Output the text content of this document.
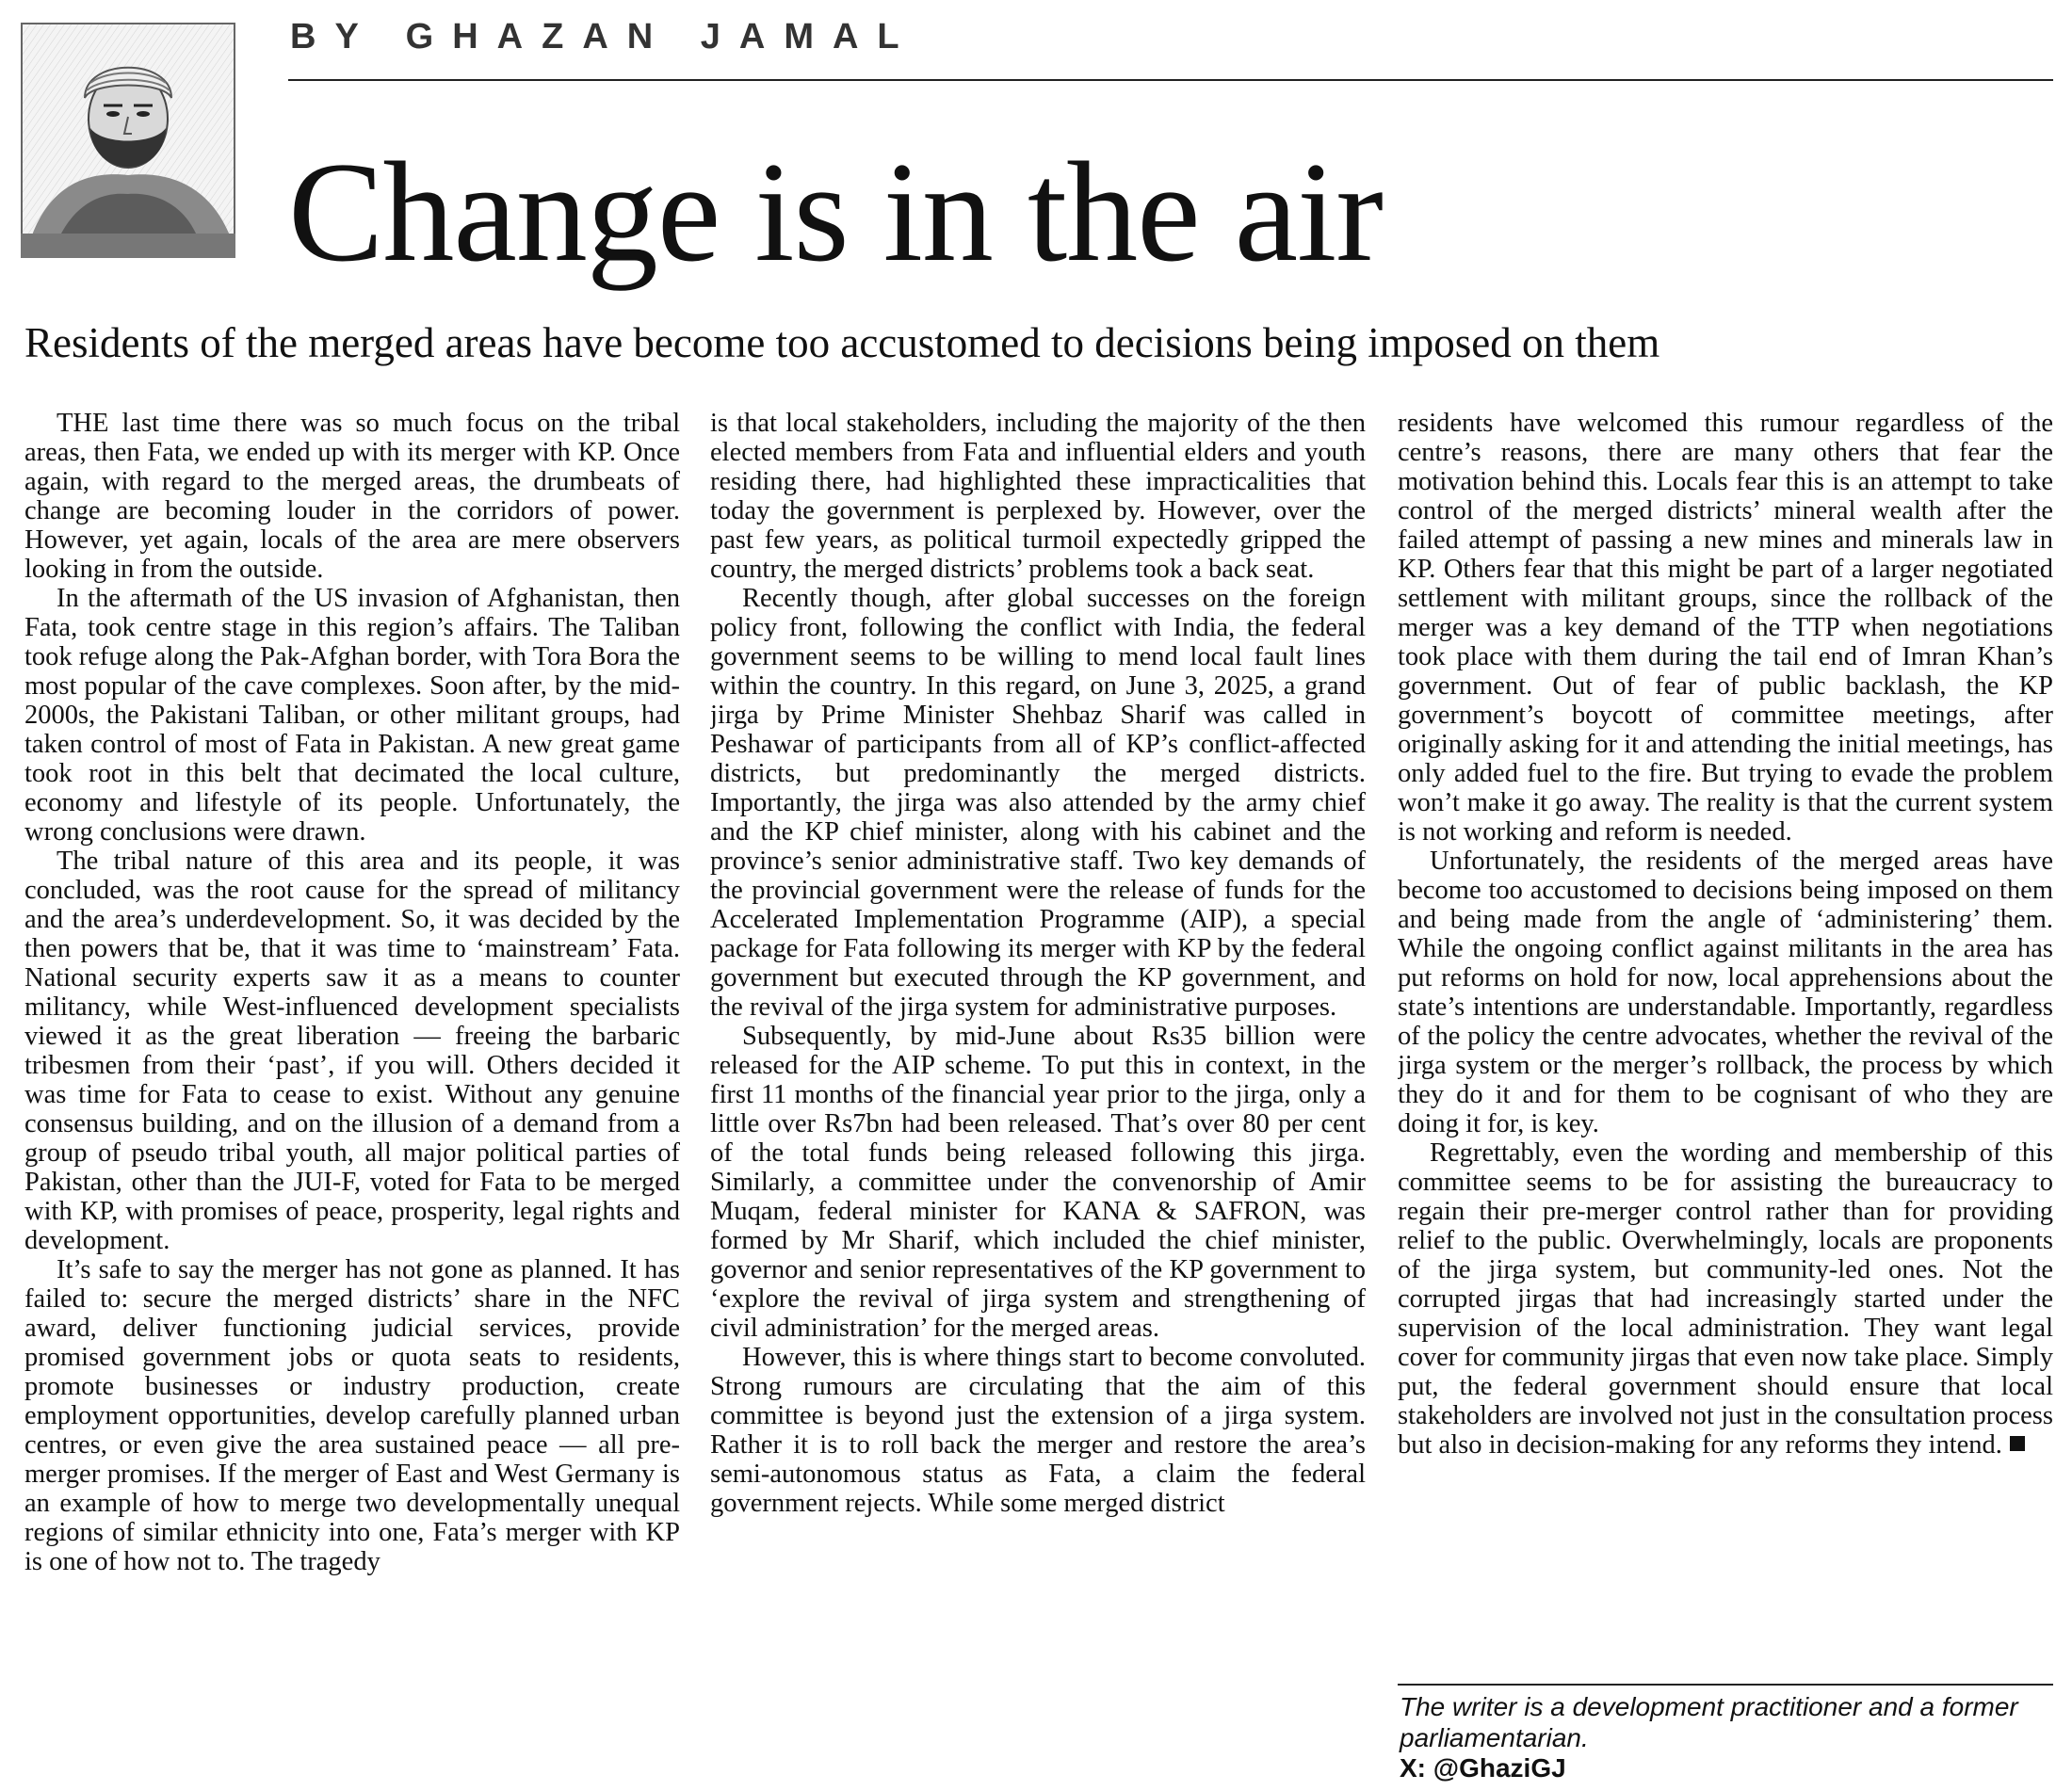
BY GHAZAN JAMAL
Change is in the air
Residents of the merged areas have become too accustomed to decisions being imposed on them

THE last time there was so much focus on the tribal areas, then Fata, we ended up with its merger with KP. Once again, with regard to the merged areas, the drumbeats of change are becoming louder in the corridors of power. However, yet again, locals of the area are mere observers looking in from the outside.

In the aftermath of the US invasion of Afghanistan, then Fata, took centre stage in this region’s affairs. The Taliban took refuge along the Pak-Afghan border, with Tora Bora the most popular of the cave complexes. Soon after, by the mid-2000s, the Pakistani Taliban, or other militant groups, had taken control of most of Fata in Pakistan. A new great game took root in this belt that decimated the local culture, economy and lifestyle of its people. Unfortunately, the wrong conclusions were drawn.

The tribal nature of this area and its people, it was concluded, was the root cause for the spread of militancy and the area’s underdevelopment. So, it was decided by the then powers that be, that it was time to ‘mainstream’ Fata. National security experts saw it as a means to counter militancy, while West-influenced development specialists viewed it as the great liberation — freeing the barbaric tribesmen from their ‘past’, if you will. Others decided it was time for Fata to cease to exist. Without any genuine consensus building, and on the illusion of a demand from a group of pseudo tribal youth, all major political parties of Pakistan, other than the JUI-F, voted for Fata to be merged with KP, with promises of peace, prosperity, legal rights and development.

It’s safe to say the merger has not gone as planned. It has failed to: secure the merged districts’ share in the NFC award, deliver functioning judicial services, provide promised government jobs or quota seats to residents, promote businesses or industry production, create employment opportunities, develop carefully planned urban centres, or even give the area sustained peace — all pre-merger promises. If the merger of East and West Germany is an example of how to merge two developmentally unequal regions of similar ethnicity into one, Fata’s merger with KP is one of how not to. The tragedy

is that local stakeholders, including the majority of the then elected members from Fata and influential elders and youth residing there, had highlighted these impracticalities that today the government is perplexed by. However, over the past few years, as political turmoil expectedly gripped the country, the merged districts’ problems took a back seat.

Recently though, after global successes on the foreign policy front, following the conflict with India, the federal government seems to be willing to mend local fault lines within the country. In this regard, on June 3, 2025, a grand jirga by Prime Minister Shehbaz Sharif was called in Peshawar of participants from all of KP’s conflict-affected districts, but predominantly the merged districts. Importantly, the jirga was also attended by the army chief and the KP chief minister, along with his cabinet and the province’s senior administrative staff. Two key demands of the provincial government were the release of funds for the Accelerated Implementation Programme (AIP), a special package for Fata following its merger with KP by the federal government but executed through the KP government, and the revival of the jirga system for administrative purposes.

Subsequently, by mid-June about Rs35 billion were released for the AIP scheme. To put this in context, in the first 11 months of the financial year prior to the jirga, only a little over Rs7bn had been released. That’s over 80 per cent of the total funds being released following this jirga. Similarly, a committee under the convenorship of Amir Muqam, federal minister for KANA & SAFRON, was formed by Mr Sharif, which included the chief minister, governor and senior representatives of the KP government to ‘explore the revival of jirga system and strengthening of civil administration’ for the merged areas.

However, this is where things start to become convoluted. Strong rumours are circulating that the aim of this committee is beyond just the extension of a jirga system. Rather it is to roll back the merger and restore the area’s semi-autonomous status as Fata, a claim the federal government rejects. While some merged district

residents have welcomed this rumour regardless of the centre’s reasons, there are many others that fear the motivation behind this. Locals fear this is an attempt to take control of the merged districts’ mineral wealth after the failed attempt of passing a new mines and minerals law in KP. Others fear that this might be part of a larger negotiated settlement with militant groups, since the rollback of the merger was a key demand of the TTP when negotiations took place with them during the tail end of Imran Khan’s government. Out of fear of public backlash, the KP government’s boycott of committee meetings, after originally asking for it and attending the initial meetings, has only added fuel to the fire. But trying to evade the problem won’t make it go away. The reality is that the current system is not working and reform is needed.

Unfortunately, the residents of the merged areas have become too accustomed to decisions being imposed on them and being made from the angle of ‘administering’ them. While the ongoing conflict against militants in the area has put reforms on hold for now, local apprehensions about the state’s intentions are understandable. Importantly, regardless of the policy the centre advocates, whether the revival of the jirga system or the merger’s rollback, the process by which they do it and for them to be cognisant of who they are doing it for, is key.

Regrettably, even the wording and membership of this committee seems to be for assisting the bureaucracy to regain their pre-merger control rather than for providing relief to the public. Overwhelmingly, locals are proponents of the jirga system, but community-led ones. Not the corrupted jirgas that had increasingly started under the supervision of the local administration. They want legal cover for community jirgas that even now take place. Simply put, the federal government should ensure that local stakeholders are involved not just in the consultation process but also in decision-making for any reforms they intend.

The writer is a development practitioner and a former parliamentarian.
X: @GhaziGJ
